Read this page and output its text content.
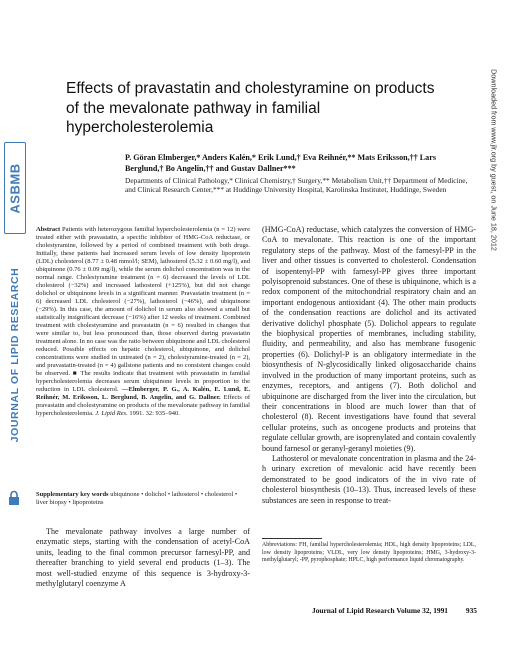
ASBMB
JOURNAL OF LIPID RESEARCH
Downloaded from www.jlr.org by guest, on June 18, 2012
Effects of pravastatin and cholestyramine on products of the mevalonate pathway in familial hypercholesterolemia
P. Göran Elmberger,* Anders Kalén,* Erik Lund,† Eva Reihnér,** Mats Eriksson,†† Lars Berglund,† Bo Angelin,†† and Gustav Dallner***
Departments of Clinical Pathology,* Clinical Chemistry,† Surgery,** Metabolism Unit,†† Department of Medicine, and Clinical Research Center,*** at Huddinge University Hospital, Karolinska Institutet, Huddinge, Sweden
Abstract Patients with heterozygous familial hypercholesterolemia (n = 12) were treated either with pravastatin, a specific inhibitor of HMG-CoA reductase, or cholestyramine, followed by a period of combined treatment with both drugs. Initially, these patients had increased serum levels of low density lipoprotein (LDL) cholesterol (8.77 ± 0.48 mmol/l; SEM), lathosterol (5.32 ± 0.60 mg/l), and ubiquinone (0.76 ± 0.09 mg/l), while the serum dolichol concentration was in the normal range. Cholestyramine treatment (n = 6) decreased the levels of LDL cholesterol (−32%) and increased lathosterol (+125%), but did not change dolichol or ubiquinone levels in a significant manner. Pravastatin treatment (n = 6) decreased LDL cholesterol (−27%), lathosterol (−46%), and ubiquinone (−29%). In this case, the amount of dolichol in serum also showed a small but statistically insignificant decrease (−16%) after 12 weeks of treatment. Combined treatment with cholestyramine and pravastatin (n = 6) resulted in changes that were similar to, but less pronounced than, those observed during pravastatin treatment alone. In no case was the ratio between ubiquinone and LDL cholesterol reduced. Possible effects on hepatic cholesterol, ubiquinone, and dolichol concentrations were studied in untreated (n = 2), cholestyramine-treated (n = 2), and pravastatin-treated (n = 4) gallstone patients and no consistent changes could be observed. ■ The results indicate that treatment with pravastatin in familial hypercholesterolemia decreases serum ubiquinone levels in proportion to the reduction in LDL cholesterol. —Elmberger, P. G., A. Kalén, E. Lund, E. Reihnér, M. Eriksson, L. Berglund, B. Angelin, and G. Dallner. Effects of pravastatin and cholestyramine on products of the mevalonate pathway in familial hypercholesterolemia. J. Lipid Res. 1991. 32: 935–940.
Supplementary key words ubiquinone • dolichol • lathosterol • cholesterol • liver biopsy • lipoproteins

The mevalonate pathway involves a large number of enzymatic steps, starting with the condensation of acetyl-CoA units, leading to the final common precursor farnesyl-PP, and thereafter branching to yield several end products (1–3). The most well-studied enzyme of this sequence is 3-hydroxy-3-methylglutaryl coenzyme A

(HMG-CoA) reductase, which catalyzes the conversion of HMG-CoA to mevalonate. This reaction is one of the important regulatory steps of the pathway. Most of the farnesyl-PP in the liver and other tissues is converted to cholesterol. Condensation of isopentenyl-PP with farnesyl-PP gives three important polyisoprenoid substances. One of these is ubiquinone, which is a redox component of the mitochondrial respiratory chain and an important endogenous antioxidant (4). The other main products of the condensation reactions are dolichol and its activated derivative dolichyl phosphate (5). Dolichol appears to regulate the biophysical properties of membranes, including stability, fluidity, and permeability, and also has membrane fusogenic properties (6). Dolichyl-P is an obligatory intermediate in the biosynthesis of N-glycosidically linked oligosaccharide chains involved in the production of many important proteins, such as enzymes, receptors, and antigens (7). Both dolichol and ubiquinone are discharged from the liver into the circulation, but their concentrations in blood are much lower than that of cholesterol (8). Recent investigations have found that several cellular proteins, such as oncogene products and proteins that regulate cellular growth, are isoprenylated and contain covalently bound farnesol or geranyl-geranyl moieties (9).

Lathosterol or mevalonate concentration in plasma and the 24-h urinary excretion of mevalonic acid have recently been demonstrated to be good indicators of the in vivo rate of cholesterol biosynthesis (10–13). Thus, increased levels of these substances are seen in response to treat-

Abbreviations: FH, familial hypercholesterolemia; HDL, high density lipoproteins; LDL, low density lipoproteins; VLDL, very low density lipoproteins; HMG, 3-hydroxy-3-methylglutaryl; -PP, pyrophosphate; HPLC, high performance liquid chromatography.
Journal of Lipid Research Volume 32, 1991 935
